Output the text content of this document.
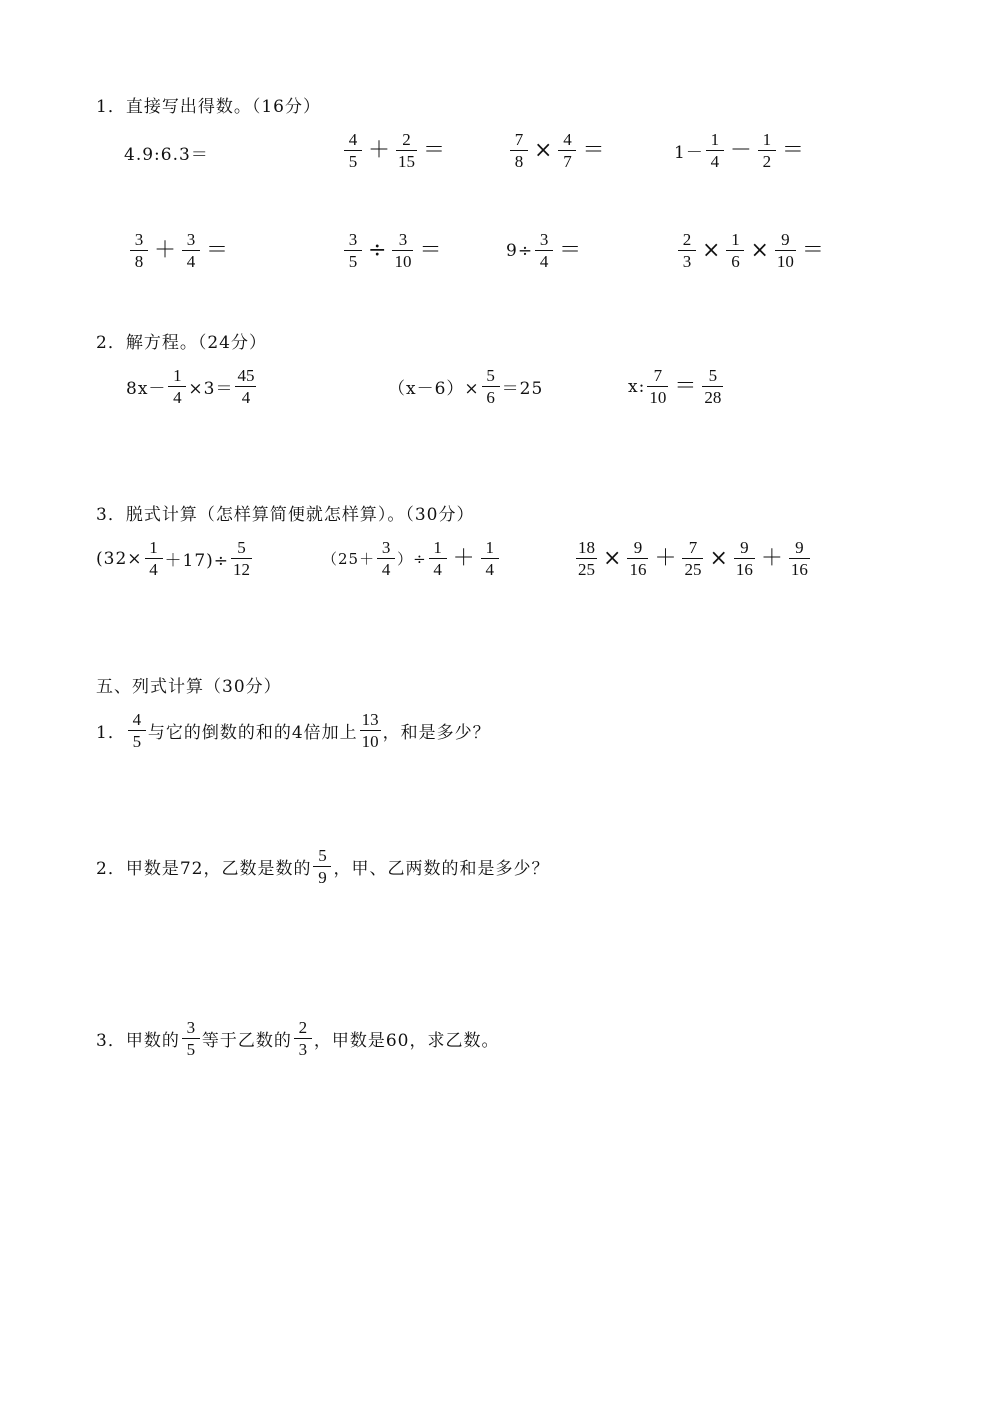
1．直接写出得数。（16分）
4.9:6.3＝	$\frac{4}{5} + \frac{2}{15}$ ＝	$\frac{7}{8} \times \frac{4}{7}$ ＝	$1- \frac{1}{4} - \frac{1}{2}$ ＝
$\frac{3}{8} + \frac{3}{4}$ ＝	$\frac{3}{5} \div \frac{3}{10}$ ＝	$9\div \frac{3}{4}$ ＝	$\frac{2}{3} \times \frac{1}{6} \times \frac{9}{10}$ ＝
2．解方程。（24分）
$8x- \frac{1}{4} \times 3= \frac{45}{4}$	$(x-6)\times \frac{5}{6} =25$	x: $\frac{7}{10} = \frac{5}{28}$
3．脱式计算（怎样算简便就怎样算）。（30分）
$(32\times \frac{1}{4} +17)\div \frac{5}{12}$	（$25+ \frac{3}{4}$ ）÷ $\frac{1}{4} + \frac{1}{4}$	$\frac{18}{25} \times \frac{9}{16} + \frac{7}{25} \times \frac{9}{16} + \frac{9}{16}$
五、列式计算（30分）
1． $\frac{4}{5}$ 与它的倒数的和的4倍加上 $\frac{13}{10}$ ，和是多少？
2．甲数是72，乙数是数的 $\frac{5}{9}$ ，甲、乙两数的和是多少？
3．甲数的 $\frac{3}{5}$ 等于乙数的 $\frac{2}{3}$ ，甲数是60，求乙数。
